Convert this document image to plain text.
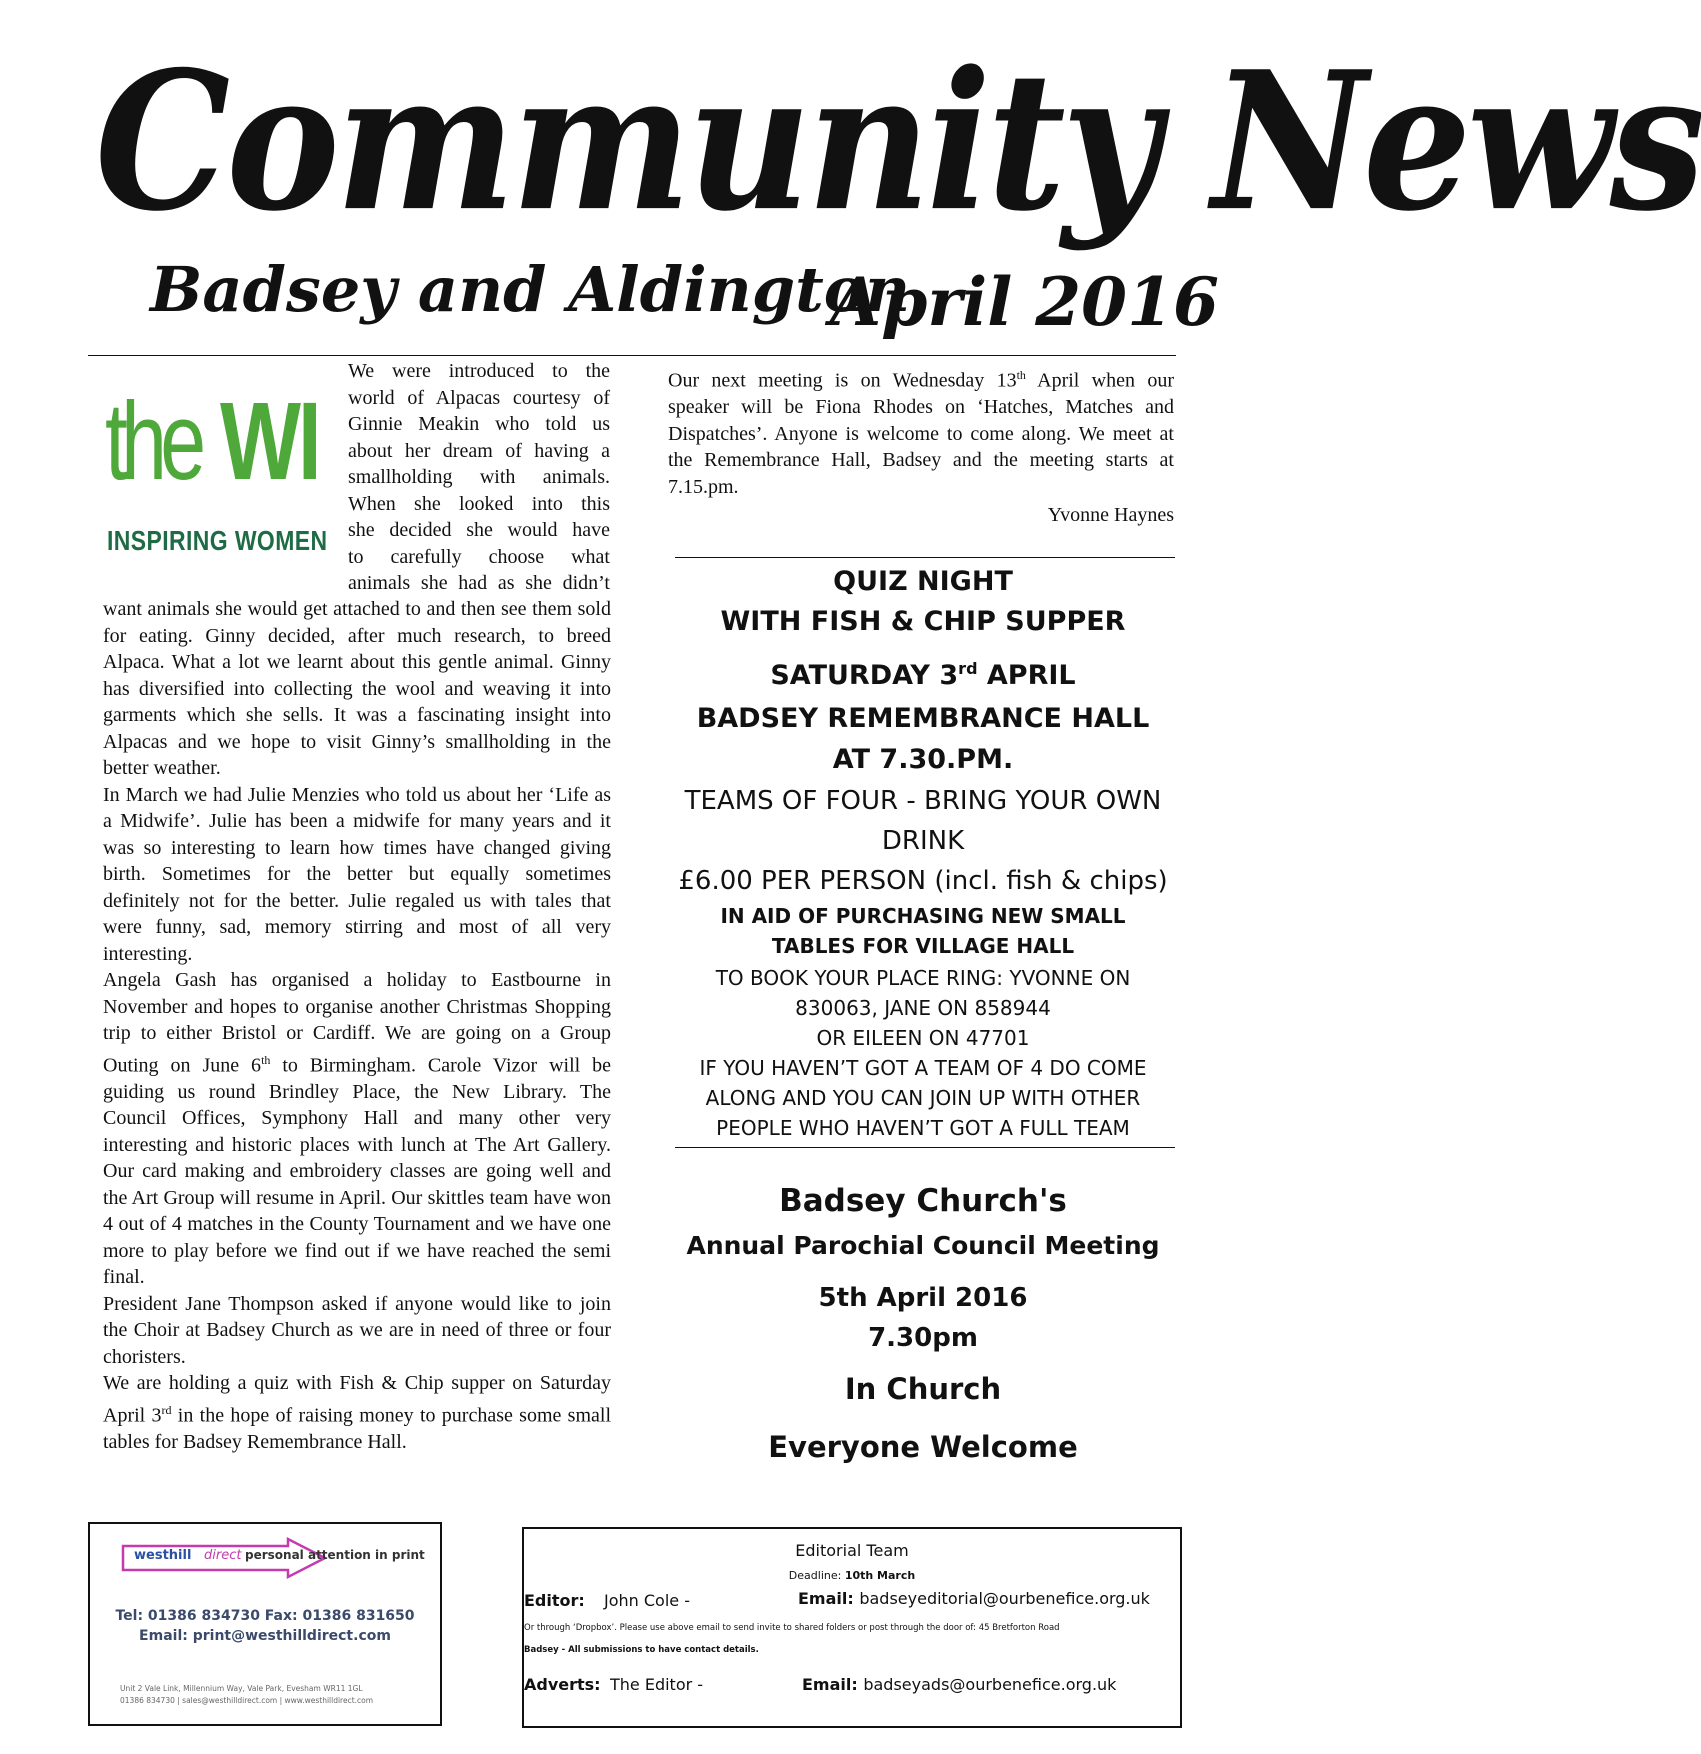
Community News
Badsey and Aldington
April 2016
the WI
INSPIRING WOMEN
We were introduced to the
world of Alpacas courtesy of
Ginnie Meakin who told us
about her dream of having a
smallholding with animals.
When she looked into this
she decided she would have
to carefully choose what
animals she had as she didn’t

want animals she would get attached to and then see them sold for eating. Ginny decided, after much research, to breed Alpaca. What a lot we learnt about this gentle animal. Ginny has diversified into collecting the wool and weaving it into garments which she sells. It was a fascinating insight into Alpacas and we hope to visit Ginny’s smallholding in the better weather.

In March we had Julie Menzies who told us about her ‘Life as a Midwife’. Julie has been a midwife for many years and it was so interesting to learn how times have changed giving birth. Sometimes for the better but equally sometimes definitely not for the better. Julie regaled us with tales that were funny, sad, memory stirring and most of all very interesting.

Angela Gash has organised a holiday to Eastbourne in November and hopes to organise another Christmas Shopping trip to either Bristol or Cardiff. We are going on a Group Outing on June 6th to Birmingham. Carole Vizor will be guiding us round Brindley Place, the New Library. The Council Offices, Symphony Hall and many other very interesting and historic places with lunch at The Art Gallery. Our card making and embroidery classes are going well and the Art Group will resume in April. Our skittles team have won 4 out of 4 matches in the County Tournament and we have one more to play before we find out if we have reached the semi final.

President Jane Thompson asked if anyone would like to join the Choir at Badsey Church as we are in need of three or four choristers.

We are holding a quiz with Fish & Chip supper on Saturday April 3rd in the hope of raising money to purchase some small tables for Badsey Remembrance Hall.

Our next meeting is on Wednesday 13th April when our speaker will be Fiona Rhodes on ‘Hatches, Matches and Dispatches’. Anyone is welcome to come along. We meet at the Remembrance Hall, Badsey and the meeting starts at 7.15.pm.

Yvonne Haynes

QUIZ NIGHT
WITH FISH & CHIP SUPPER
SATURDAY 3rd APRIL
BADSEY REMEMBRANCE HALL
AT 7.30.PM.
TEAMS OF FOUR - BRING YOUR OWN DRINK
£6.00 PER PERSON (incl. fish & chips)
IN AID OF PURCHASING NEW SMALL TABLES FOR VILLAGE HALL
TO BOOK YOUR PLACE RING: YVONNE ON
830063, JANE ON 858944
OR EILEEN ON 47701
IF YOU HAVEN’T GOT A TEAM OF 4 DO COME ALONG AND YOU CAN JOIN UP WITH OTHER PEOPLE WHO HAVEN’T GOT A FULL TEAM
Badsey Church's
Annual Parochial Council Meeting
5th April 2016
7.30pm
In Church
Everyone Welcome
westhill direct personal attention in print
Tel: 01386 834730 Fax: 01386 831650
Email: print@westhilldirect.com
Unit 2 Vale Link, Millennium Way, Vale Park, Evesham WR11 1GL
01386 834730 | sales@westhilldirect.com | www.westhilldirect.com
Editorial Team
Deadline: 10th March
Editor: John Cole -	Email: badseyeditorial@ourbenefice.org.uk
Or through ‘Dropbox’. Please use above email to send invite to shared folders or post through the door of: 45 Bretforton Road
Badsey - All submissions to have contact details.
Adverts: The Editor -	Email: badseyads@ourbenefice.org.uk
